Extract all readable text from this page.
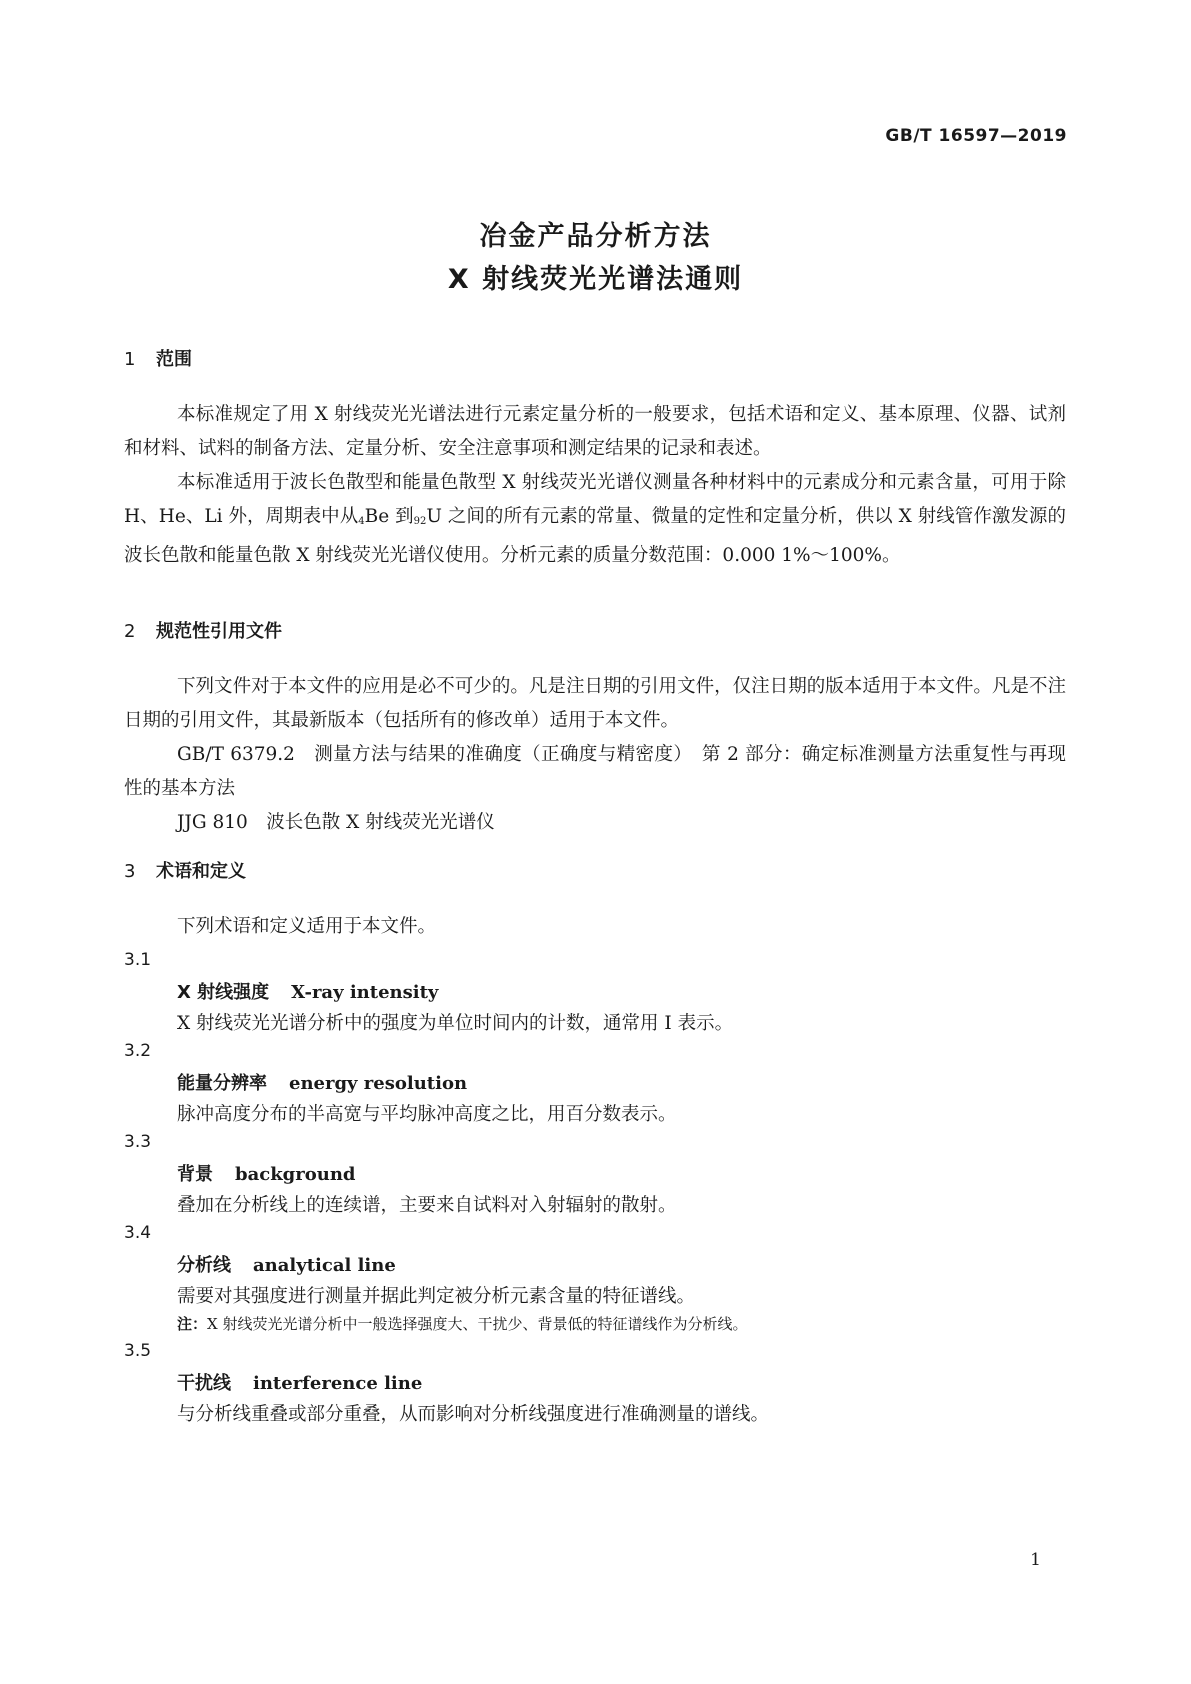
GB/T 16597—2019
冶金产品分析方法
X 射线荧光光谱法通则
1 范围

本标准规定了用 X 射线荧光光谱法进行元素定量分析的一般要求，包括术语和定义、基本原理、仪器、试剂和材料、试料的制备方法、定量分析、安全注意事项和测定结果的记录和表述。

本标准适用于波长色散型和能量色散型 X 射线荧光光谱仪测量各种材料中的元素成分和元素含量，可用于除 H、He、Li 外，周期表中从$_4$Be 到$_{92}$U 之间的所有元素的常量、微量的定性和定量分析，供以 X 射线管作激发源的波长色散和能量色散 X 射线荧光光谱仪使用。分析元素的质量分数范围：0.000 1%～100%。

2 规范性引用文件

下列文件对于本文件的应用是必不可少的。凡是注日期的引用文件，仅注日期的版本适用于本文件。凡是不注日期的引用文件，其最新版本（包括所有的修改单）适用于本文件。

GB/T 6379.2　测量方法与结果的准确度（正确度与精密度）　第 2 部分：确定标准测量方法重复性与再现性的基本方法

JJG 810　波长色散 X 射线荧光光谱仪

3 术语和定义
下列术语和定义适用于本文件。
3.1
X 射线强度 X-ray intensity
X 射线荧光光谱分析中的强度为单位时间内的计数，通常用 I 表示。
3.2
能量分辨率 energy resolution
脉冲高度分布的半高宽与平均脉冲高度之比，用百分数表示。
3.3
背景 background
叠加在分析线上的连续谱，主要来自试料对入射辐射的散射。
3.4
分析线 analytical line
需要对其强度进行测量并据此判定被分析元素含量的特征谱线。
注：X 射线荧光光谱分析中一般选择强度大、干扰少、背景低的特征谱线作为分析线。
3.5
干扰线 interference line
与分析线重叠或部分重叠，从而影响对分析线强度进行准确测量的谱线。
1
